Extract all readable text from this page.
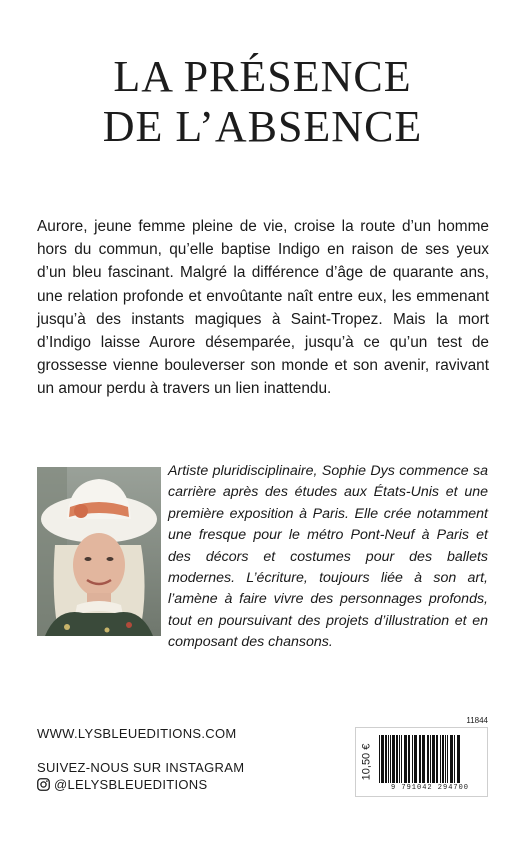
LA PRÉSENCE
DE L’ABSENCE

Aurore, jeune femme pleine de vie, croise la route d’un homme hors du commun, qu’elle baptise Indigo en raison de ses yeux d’un bleu fascinant. Malgré la différence d’âge de quarante ans, une relation profonde et envoûtante naît entre eux, les emmenant jusqu’à des instants magiques à Saint-Tropez. Mais la mort d’Indigo laisse Aurore désemparée, jusqu’à ce qu’un test de grossesse vienne bouleverser son monde et son avenir, ravivant un amour perdu à travers un lien inattendu.

Artiste pluridisciplinaire, Sophie Dys commence sa carrière après des études aux États-Unis et une première exposition à Paris. Elle crée notamment une fresque pour le métro Pont-Neuf à Paris et des décors et costumes pour des ballets modernes. L’écriture, toujours liée à son art, l’amène à faire vivre des personnages profonds, tout en poursuivant des projets d’illustration et en composant des chansons.

WWW.LYSBLEUEDITIONS.COM
SUIVEZ-NOUS SUR INSTAGRAM
@LELYSBLEUEDITIONS
11844
10,50 €
9 791042 294700
